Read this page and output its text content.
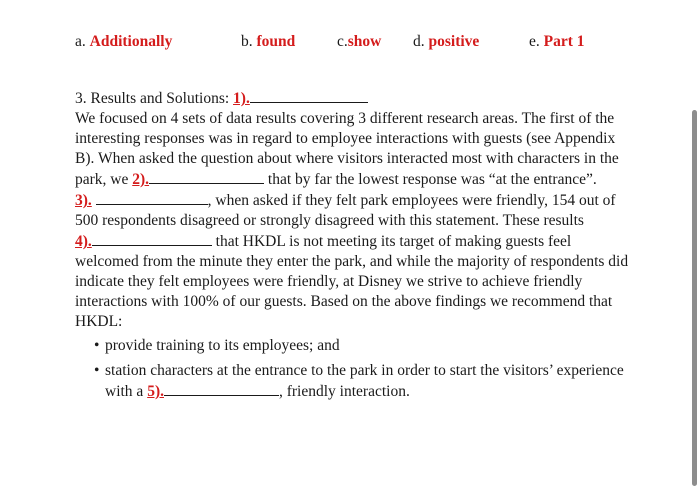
a. Additionally	b. found	c.show d. positive	e. Part 1

3. Results and Solutions: 1).

We focused on 4 sets of data results covering 3 different research areas. The first of the interesting responses was in regard to employee interactions with guests (see Appendix B). When asked the question about where visitors interacted most with characters in the park, we 2).	that by far the lowest response was “at the entrance”.

3).	, when asked if they felt park employees were friendly, 154 out of 500 respondents disagreed or strongly disagreed with this statement. These results

4).	that HKDL is not meeting its target of making guests feel welcomed from the minute they enter the park, and while the majority of respondents did indicate they felt employees were friendly, at Disney we strive to achieve friendly interactions with 100% of our guests. Based on the above findings we recommend that HKDL:

• provide training to its employees; and
• station characters at the entrance to the park in order to start the visitors’ experience with a 5).	, friendly interaction.
